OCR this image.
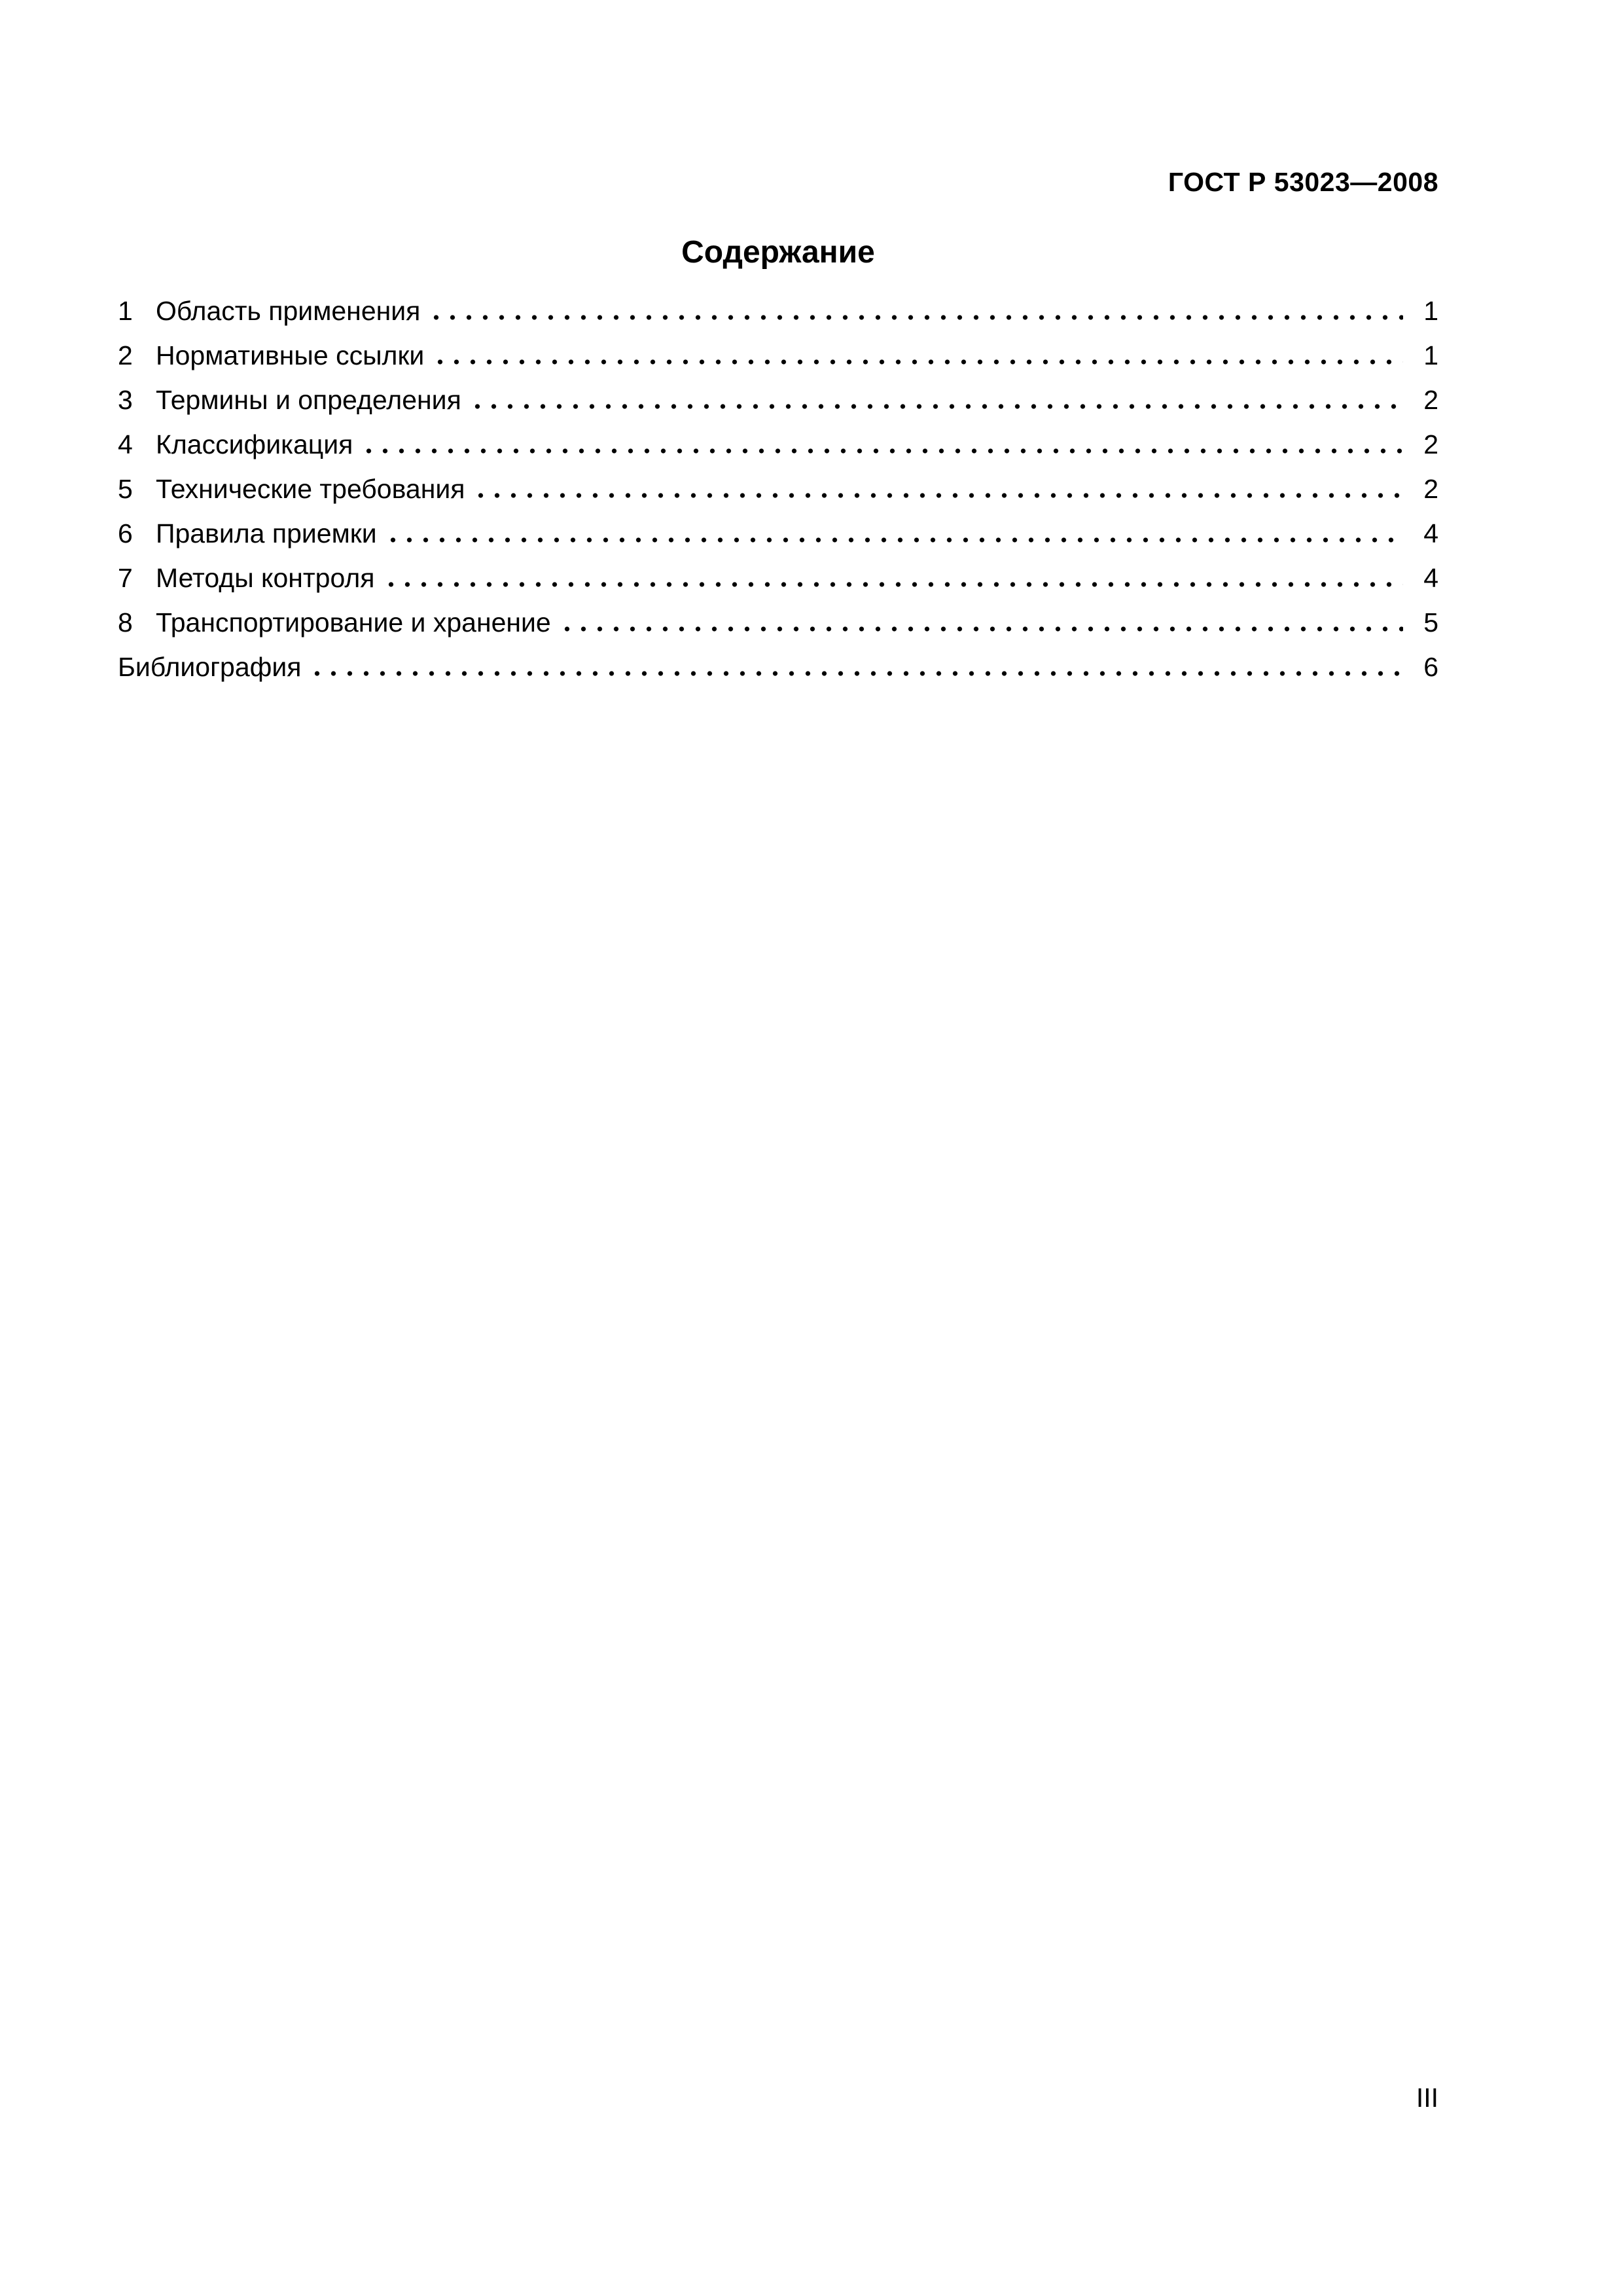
ГОСТ Р 53023—2008
Содержание
1 Область применения	1
2 Нормативные ссылки	1
3 Термины и определения	2
4 Классификация	2
5 Технические требования	2
6 Правила приемки	4
7 Методы контроля	4
8 Транспортирование и хранение	5
Библиография	6
III
